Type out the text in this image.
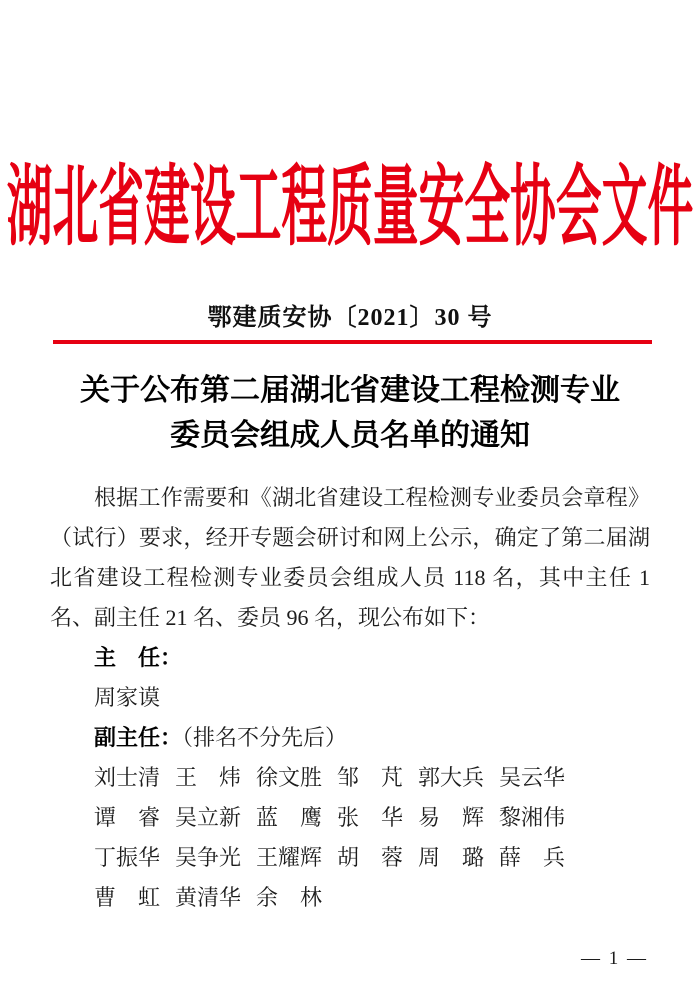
湖北省建设工程质量安全协会文件
鄂建质安协〔2021〕30 号
关于公布第二届湖北省建设工程检测专业
委员会组成人员名单的通知

根据工作需要和《湖北省建设工程检测专业委员会章程》（试行）要求，经开专题会研讨和网上公示，确定了第二届湖北省建设工程检测专业委员会组成人员 118 名，其中主任 1 名、副主任 21 名、委员 96 名，现公布如下：

主　任：
周家谟
副主任：（排名不分先后）
刘士清 王　炜 徐文胜 邹　芃 郭大兵 吴云华
谭　睿 吴立新 蓝　鹰 张　华 易　辉 黎湘伟
丁振华 吴争光 王耀辉 胡　蓉 周　璐 薛　兵
曹　虹 黄清华 余　林
— 1 —
